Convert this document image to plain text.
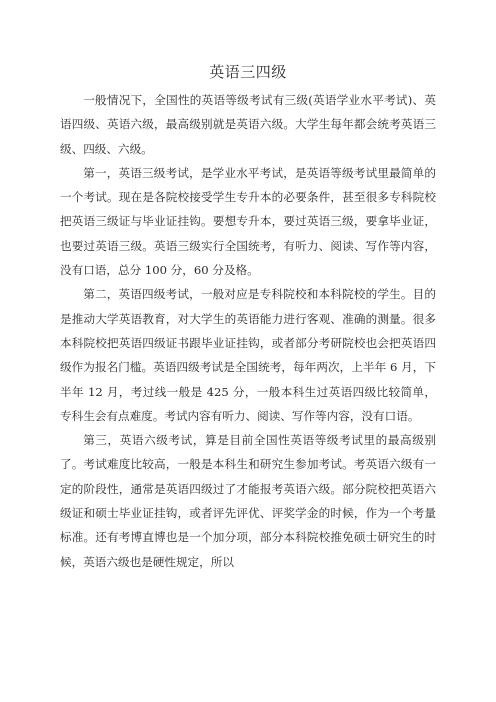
英语三四级

一般情况下，全国性的英语等级考试有三级(英语学业水平考试)、英语四级、英语六级，最高级别就是英语六级。大学生每年都会统考英语三级、四级、六级。

第一，英语三级考试，是学业水平考试，是英语等级考试里最简单的一个考试。现在是各院校接受学生专升本的必要条件，甚至很多专科院校把英语三级证与毕业证挂钩。要想专升本，要过英语三级，要拿毕业证，也要过英语三级。英语三级实行全国统考，有听力、阅读、写作等内容，没有口语，总分 100 分，60 分及格。

第二，英语四级考试，一般对应是专科院校和本科院校的学生。目的是推动大学英语教育，对大学生的英语能力进行客观、准确的测量。很多本科院校把英语四级证书跟毕业证挂钩，或者部分考研院校也会把英语四级作为报名门槛。英语四级考试是全国统考，每年两次，上半年 6 月，下半年 12 月，考过线一般是 425 分，一般本科生过英语四级比较简单，专科生会有点难度。考试内容有听力、阅读、写作等内容，没有口语。

第三，英语六级考试，算是目前全国性英语等级考试里的最高级别了。考试难度比较高，一般是本科生和研究生参加考试。考英语六级有一定的阶段性，通常是英语四级过了才能报考英语六级。部分院校把英语六级证和硕士毕业证挂钩，或者评先评优、评奖学金的时候，作为一个考量标准。还有考博直博也是一个加分项，部分本科院校推免硕士研究生的时候，英语六级也是硬性规定，所以
